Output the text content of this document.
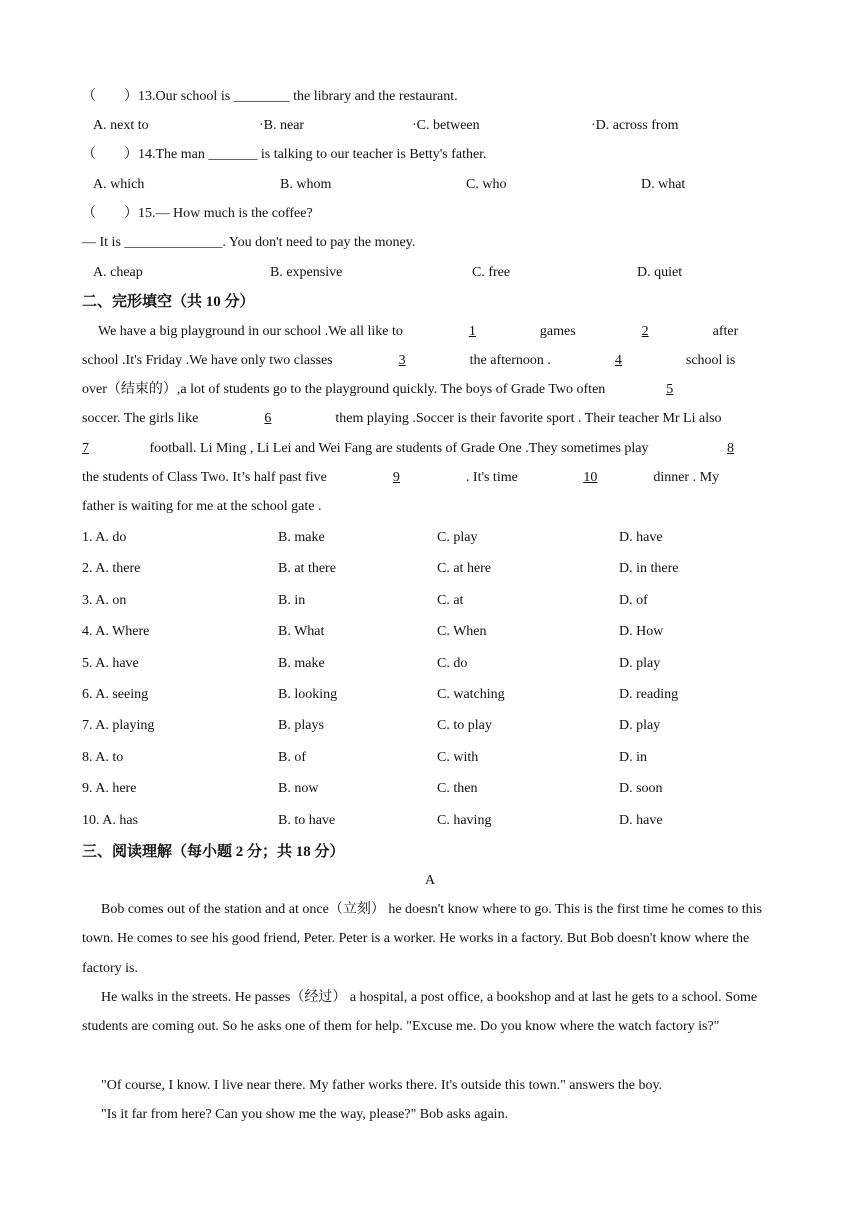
（　　）13.Our school is ________ the library and the restaurant.
A. next to	·B. near	·C. between	·D. across from
（　　）14.The man _______ is talking to our teacher is Betty's father.
A. which	B. whom	C. who	D. what
（　　）15.— How much is the coffee?
— It is ______________. You don't need to pay the money.
A. cheap	B. expensive	C. free	D. quiet
二、完形填空（共 10 分）
We have a big playground in our school .We all like to	1	games	2	after
school .It's Friday .We have only two classes	3	the afternoon .	4	school is
over（结束的）,a lot of students go to the playground quickly. The boys of Grade Two often	5
soccer. The girls like	6	them playing .Soccer is their favorite sport . Their teacher Mr Li also
7	football. Li Ming , Li Lei and Wei Fang are students of Grade One .They sometimes play	8
the students of Class Two. It’s half past five	9	. It's time	10	dinner . My
father is waiting for me at the school gate .
1. A. do	B. make	C. play	D. have
2. A. there	B. at there	C. at here	D. in there
3. A. on	B. in	C. at	D. of
4. A. Where	B. What	C. When	D. How
5. A. have	B. make	C. do	D. play
6. A. seeing	B. looking	C. watching	D. reading
7. A. playing	B. plays	C. to play	D. play
8. A. to	B. of	C. with	D. in
9. A. here	B. now	C. then	D. soon
10. A. has	B. to have	C. having	D. have
三、阅读理解（每小题 2 分；共 18 分）
A
Bob comes out of the station and at once（立刻） he doesn't know where to go. This is the first time he comes to this town. He comes to see his good friend, Peter. Peter is a worker. He works in a factory. But Bob doesn't know where the factory is.
He walks in the streets. He passes（经过） a hospital, a post office, a bookshop and at last he gets to a school. Some students are coming out. So he asks one of them for help. "Excuse me. Do you know where the watch factory is?"
"Of course, I know. I live near there. My father works there. It's outside this town." answers the boy.
"Is it far from here? Can you show me the way, please?" Bob asks again.
